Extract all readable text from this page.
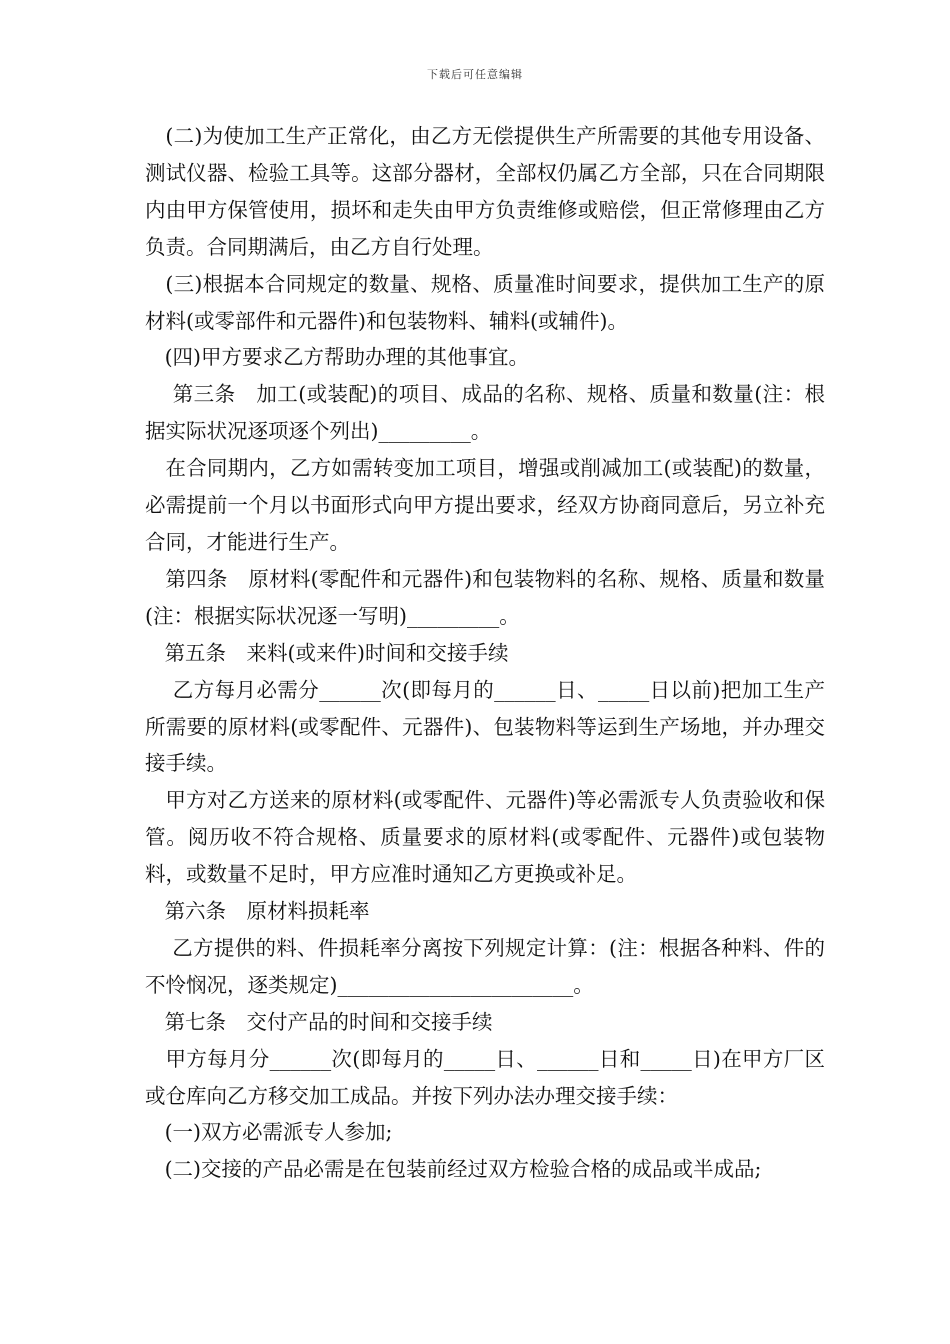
下载后可任意编辑

(二)为使加工生产正常化，由乙方无偿提供生产所需要的其他专用设备、测试仪器、检验工具等。这部分器材，全部权仍属乙方全部，只在合同期限内由甲方保管使用，损坏和走失由甲方负责维修或赔偿，但正常修理由乙方负责。合同期满后，由乙方自行处理。

(三)根据本合同规定的数量、规格、质量准时间要求，提供加工生产的原材料(或零部件和元器件)和包装物料、辅料(或辅件)。

(四)甲方要求乙方帮助办理的其他事宜。

第三条　加工(或装配)的项目、成品的名称、规格、质量和数量(注：根据实际状况逐项逐个列出)_________。

在合同期内，乙方如需转变加工项目，增强或削减加工(或装配)的数量，必需提前一个月以书面形式向甲方提出要求，经双方协商同意后，另立补充合同，才能进行生产。

第四条　原材料(零配件和元器件)和包装物料的名称、规格、质量和数量(注：根据实际状况逐一写明)_________。

第五条　来料(或来件)时间和交接手续

乙方每月必需分______次(即每月的______日、_____日以前)把加工生产所需要的原材料(或零配件、元器件)、包装物料等运到生产场地，并办理交接手续。

甲方对乙方送来的原材料(或零配件、元器件)等必需派专人负责验收和保管。阅历收不符合规格、质量要求的原材料(或零配件、元器件)或包装物料，或数量不足时，甲方应准时通知乙方更换或补足。

第六条　原材料损耗率

乙方提供的料、件损耗率分离按下列规定计算：(注：根据各种料、件的不怜悯况，逐类规定)_______________________。

第七条　交付产品的时间和交接手续

甲方每月分______次(即每月的_____日、______日和_____日)在甲方厂区或仓库向乙方移交加工成品。并按下列办法办理交接手续：

(一)双方必需派专人参加;

(二)交接的产品必需是在包装前经过双方检验合格的成品或半成品;
